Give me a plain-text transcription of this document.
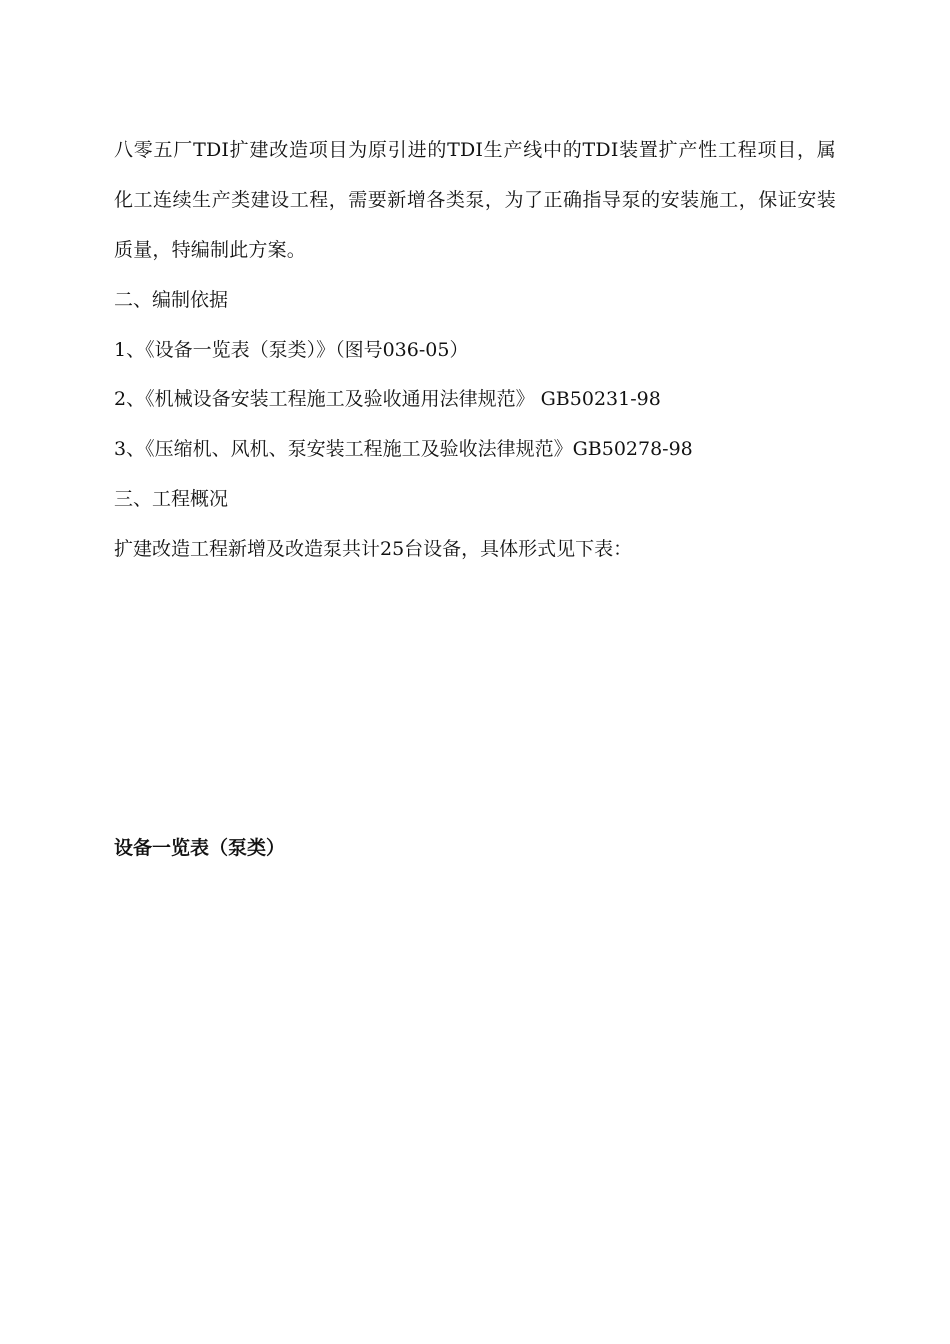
八零五厂TDI扩建改造项目为原引进的TDI生产线中的TDI装置扩产性工程项目，属化工连续生产类建设工程，需要新增各类泵，为了正确指导泵的安装施工，保证安装质量，特编制此方案。

二、编制依据

1、《设备一览表（泵类）》（图号036-05）

2、《机械设备安装工程施工及验收通用法律规范》 GB50231-98

3、《压缩机、风机、泵安装工程施工及验收法律规范》GB50278-98

三、工程概况

扩建改造工程新增及改造泵共计25台设备，具体形式见下表：

设备一览表（泵类）
